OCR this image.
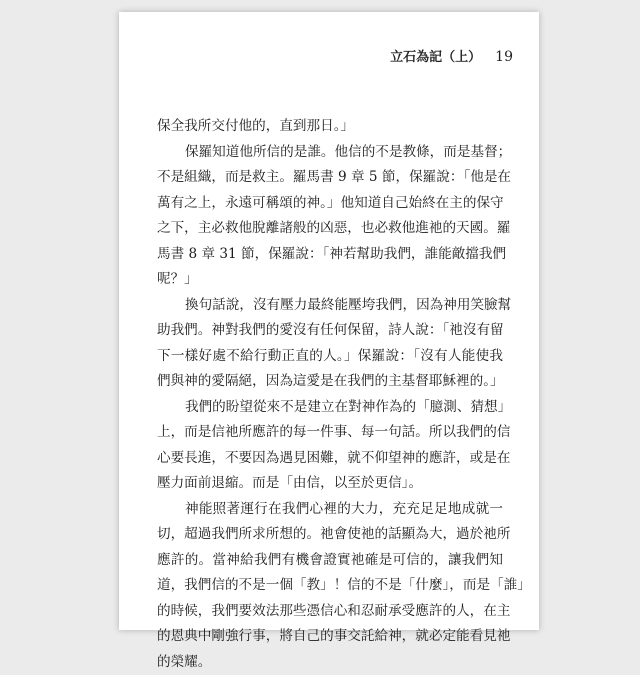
立石為記（上） 19
保全我所交付他的，直到那日。」
保羅知道他所信的是誰。他信的不是教條，而是基督；
不是組織，而是救主。羅馬書 9 章 5 節，保羅說：「他是在
萬有之上，永遠可稱頌的神。」他知道自己始終在主的保守
之下，主必救他脫離諸般的凶惡，也必救他進祂的天國。羅
馬書 8 章 31 節，保羅說：「神若幫助我們，誰能敵擋我們
呢？」
換句話說，沒有壓力最終能壓垮我們，因為神用笑臉幫
助我們。神對我們的愛沒有任何保留，詩人說：「祂沒有留
下一樣好處不給行動正直的人。」保羅說：「沒有人能使我
們與神的愛隔絕，因為這愛是在我們的主基督耶穌裡的。」
我們的盼望從來不是建立在對神作為的「臆測、猜想」
上，而是信祂所應許的每一件事、每一句話。所以我們的信
心要長進，不要因為遇見困難，就不仰望神的應許，或是在
壓力面前退縮。而是「由信，以至於更信」。
神能照著運行在我們心裡的大力，充充足足地成就一
切，超過我們所求所想的。祂會使祂的話顯為大，過於祂所
應許的。當神給我們有機會證實祂確是可信的，讓我們知
道，我們信的不是一個「教」！信的不是「什麼」，而是「誰」
的時候，我們要效法那些憑信心和忍耐承受應許的人，在主
的恩典中剛強行事，將自己的事交託給神，就必定能看見祂
的榮耀。
